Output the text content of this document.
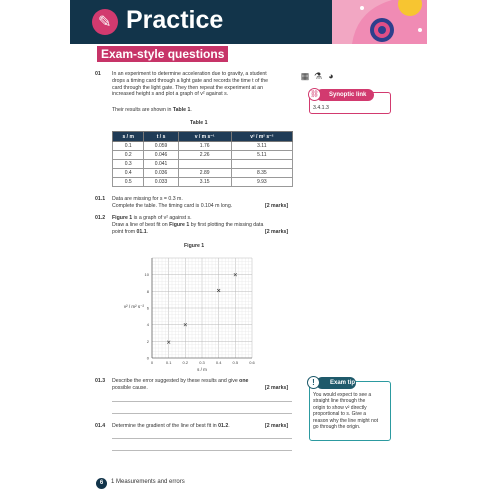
✎ Practice
Exam-style questions
01 In an experiment to determine acceleration due to gravity, a student
drops a timing card through a light gate and records the time t of the
card through the light gate. They then repeat the experiment at an
increased height s and plot a graph of v² against s.
Their results are shown in Table 1.
Table 1
s / m	t / s	v / m s⁻¹	v² / m² s⁻²
0.1	0.059	1.76	3.11
0.2	0.046	2.26	5.11
0.3	0.041		
0.4	0.036	2.89	8.35
0.5	0.033	3.15	9.93
▦ ⚗ ◕
Synoptic link
⛓
3.4.1.3
01.1 Data are missing for s = 0.3 m.
Complete the table. The timing card is 0.104 m long.	[2 marks]
01.2 Figure 1 is a graph of v² against s.
Draw a line of best fit on Figure 1 by first plotting the missing data
point from 01.1.	[2 marks]
Figure 1
0	0.1	0.2	0.3	0.4	0.5	0.6
0
2
4
6
8
10
s / m
v² / m² s⁻²
01.3 Describe the error suggested by these results and give one
possible cause.	[2 marks]
01.4 Determine the gradient of the line of best fit in 01.2.	[2 marks]
Exam tip
!
You would expect to see a
straight line through the
origin to show v² directly
proportional to s. Give a
reason why the line might not
go through the origin.
6	1 Measurements and errors
